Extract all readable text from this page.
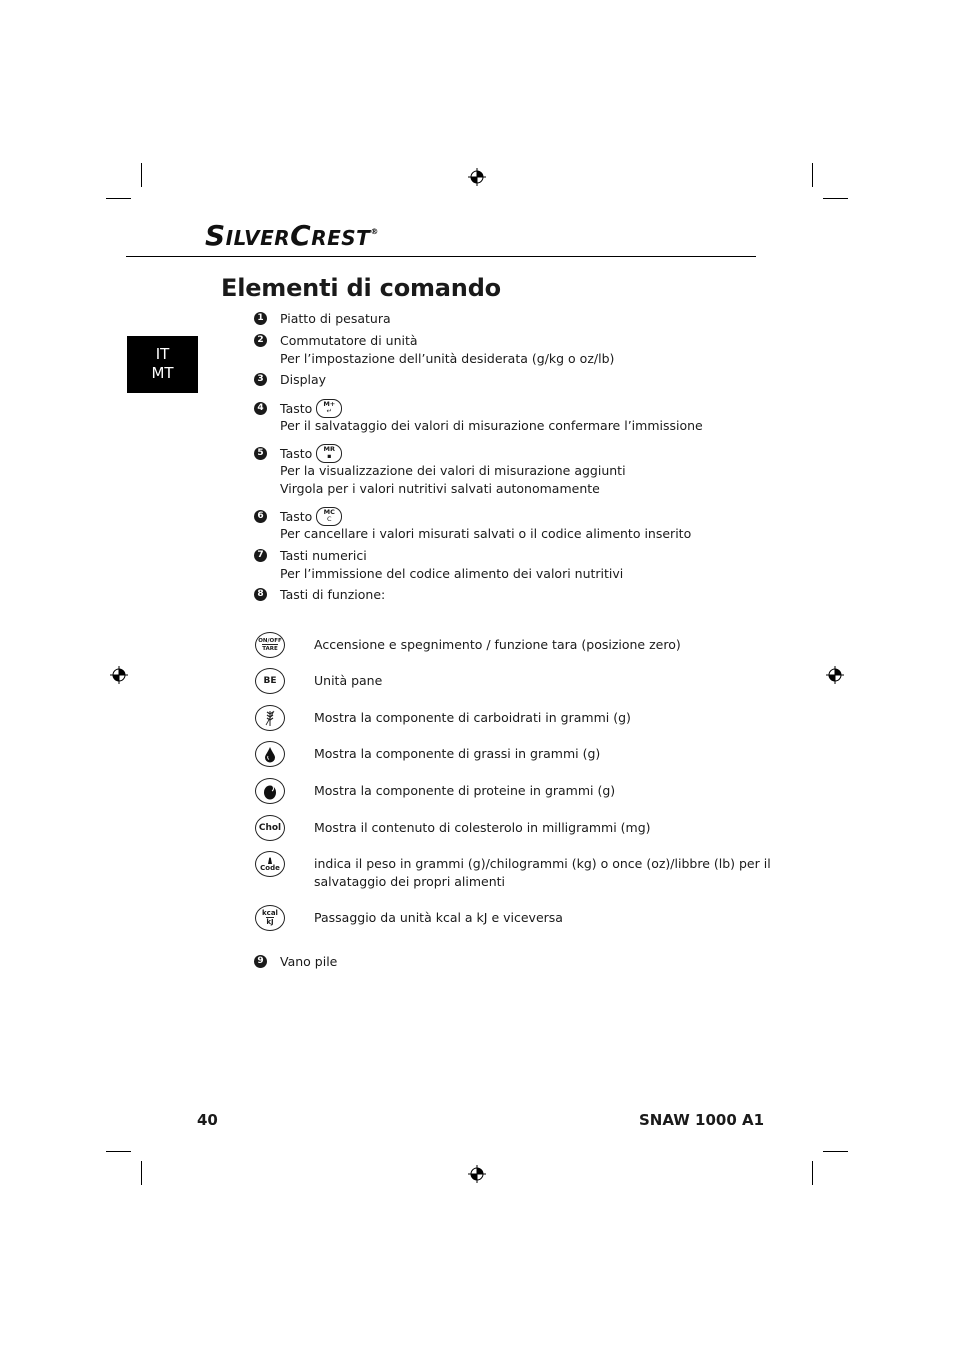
SILVERCREST®
Elementi di comando
IT
MT
1 Piatto di pesatura
2 Commutatore di unità
Per l’impostazione dell’unità desiderata (g/kg o oz/lb)
3 Display
4 Tasto	M+
↵
Per il salvataggio dei valori di misurazione confermare l’immissione
5 Tasto	MR
▪
Per la visualizzazione dei valori di misurazione aggiunti
Virgola per i valori nutritivi salvati autonomamente
6 Tasto	MC
C
Per cancellare i valori misurati salvati o il codice alimento inserito
7 Tasti numerici
Per l’immissione del codice alimento dei valori nutritivi
8 Tasti di funzione:
ON/OFF
TARE	Accensione e spegnimento / funzione tara (posizione zero)
BE	Unità pane
Mostra la componente di carboidrati in grammi (g)
Mostra la componente di grassi in grammi (g)
Mostra la componente di proteine in grammi (g)
Chol	Mostra il contenuto di colesterolo in milligrammi (mg)
Code	indica il peso in grammi (g)/chilogrammi (kg) o once (oz)/libbre (lb) per il
salvataggio dei propri alimenti
kcal
kJ	Passaggio da unità kcal a kJ e viceversa
9 Vano pile
40	SNAW 1000 A1
